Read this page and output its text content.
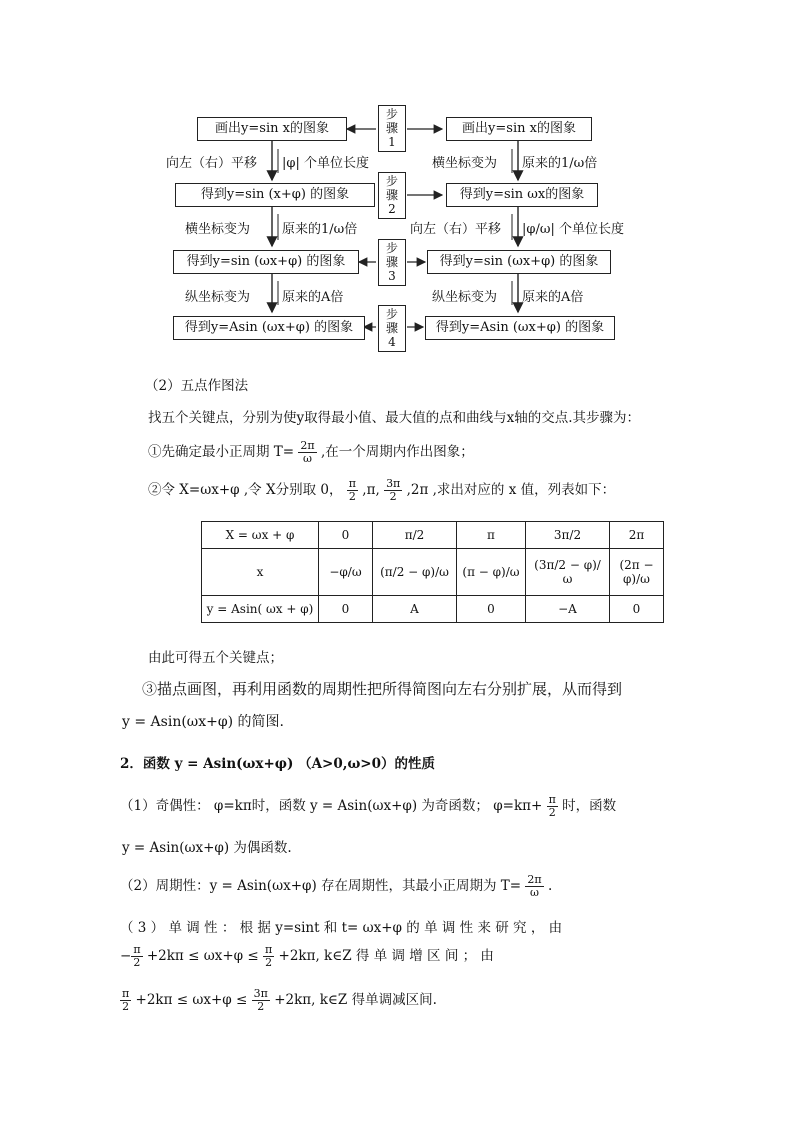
画出y=sin x的图象
得到y=sin (x+φ) 的图象
得到y=sin (ωx+φ) 的图象
得到y=Asin (ωx+φ) 的图象
向左（右）平移 |φ| 个单位长度
横坐标变为 原来的1/ω倍
纵坐标变为 原来的A倍
步
骤
1
步
骤
2
步
骤
3
步
骤
4
画出y=sin x的图象
得到y=sin ωx的图象
得到y=sin (ωx+φ) 的图象
得到y=Asin (ωx+φ) 的图象
横坐标变为 原来的1/ω倍
向左（右）平移 |φ/ω| 个单位长度
纵坐标变为 原来的A倍
（2）五点作图法
找五个关键点，分别为使y取得最小值、最大值的点和曲线与x轴的交点.其步骤为：
①先确定最小正周期 $T= \frac{2\pi}{\omega}$ ,在一个周期内作出图象；
②令 X=ωx+φ ,令 X分别取 0， $\frac{\pi}{2} ,\pi$, $\frac{3\pi}{2} ,2\pi$ ,求出对应的 x 值，列表如下：
X = ωx + φ	0	π/2	π	3π/2	2π
x	−φ/ω	(π/2 − φ)/ω	(π − φ)/ω	(3π/2 − φ)/ω	(2π − φ)/ω
y = Asin( ωx + φ)	0	A	0	−A	0
由此可得五个关键点；
③描点画图，再利用函数的周期性把所得简图向左右分别扩展，从而得到
y = Asin(ωx+φ) 的简图.
2．函数 y = Asin(ωx+φ) （A>0,ω>0）的性质
（1）奇偶性： φ=kπ时，函数 y = Asin(ωx+φ) 为奇函数； $\varphi=k\pi+ \frac{\pi}{2}$ 时，函数
y = Asin(ωx+φ) 为偶函数.
（2）周期性：y = Asin(ωx+φ) 存在周期性，其最小正周期为 $T= \frac{2\pi}{\omega}$ .
（ 3 ） 单 调 性 ： 根 据 y=sint 和 t= ωx+φ 的 单 调 性 来 研 究 ， 由
− $\frac{\pi}{2} +2k\pi \le \omega x+\varphi \le \frac{\pi}{2} +2k\pi$, k∈Z 得 单 调 增 区 间 ； 由
$\frac{\pi}{2} +2k\pi \le \omega x+\varphi \le \frac{3\pi}{2} +2k\pi$, k∈Z 得单调减区间.
